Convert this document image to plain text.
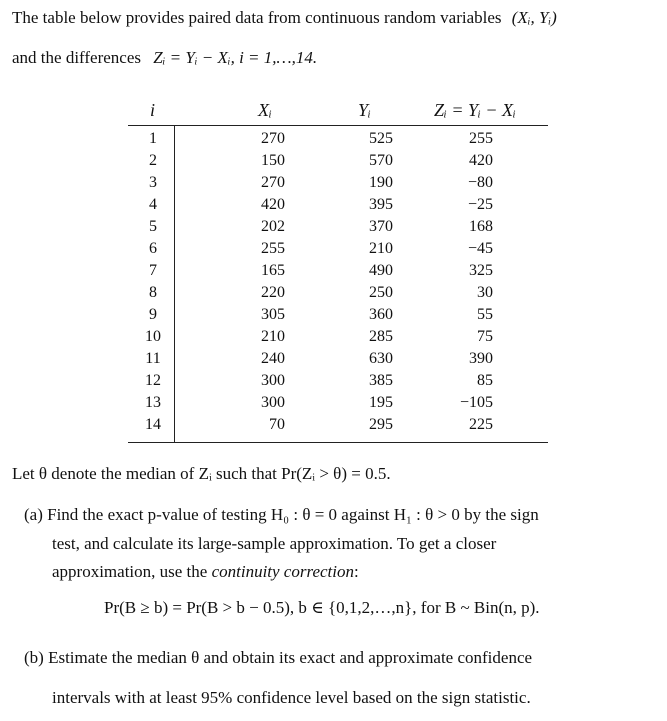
The table below provides paired data from continuous random variables (Xᵢ, Yᵢ)
and the differences Zᵢ = Yᵢ − Xᵢ, i = 1,…,14.
i	Xᵢ	Yᵢ	Zᵢ = Yᵢ − Xᵢ
1	270	525	255
2	150	570	420
3	270	190	−80
4	420	395	−25
5	202	370	168
6	255	210	−45
7	165	490	325
8	220	250	30
9	305	360	55
10	210	285	75
11	240	630	390
12	300	385	85
13	300	195	−105
14	70	295	225
Let θ denote the median of Zᵢ such that Pr(Zᵢ > θ) = 0.5.
(a) Find the exact p-value of testing H₀ : θ = 0 against H₁ : θ > 0 by the sign
test, and calculate its large-sample approximation. To get a closer
approximation, use the continuity correction:
Pr(B ≥ b) = Pr(B > b − 0.5), b ∈ {0,1,2,…,n}, for B ~ Bin(n, p).
(b) Estimate the median θ and obtain its exact and approximate confidence
intervals with at least 95% confidence level based on the sign statistic.
